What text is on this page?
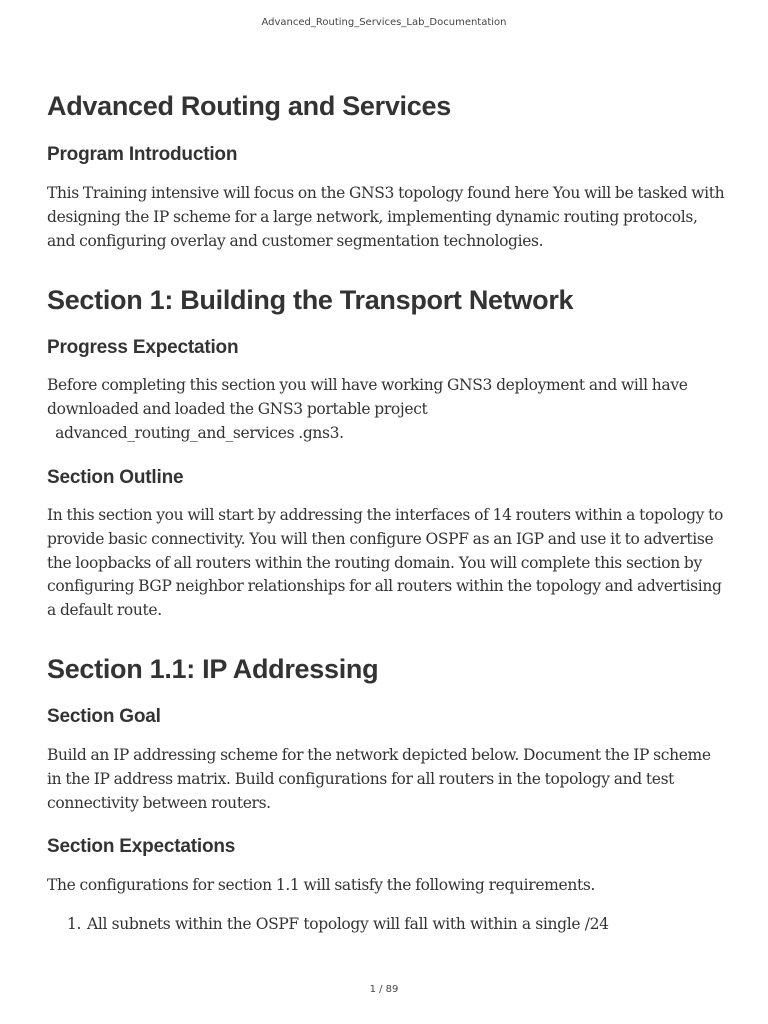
Advanced_Routing_Services_Lab_Documentation
Advanced Routing and Services
Program Introduction

This Training intensive will focus on the GNS3 topology found here You will be tasked with designing the IP scheme for a large network, implementing dynamic routing protocols, and configuring overlay and customer segmentation technologies.

Section 1: Building the Transport Network
Progress Expectation

Before completing this section you will have working GNS3 deployment and will have downloaded and loaded the GNS3 portable project   advanced_routing_and_services .gns3.

Section Outline

In this section you will start by addressing the interfaces of 14 routers within a topology to provide basic connectivity. You will then configure OSPF as an IGP and use it to advertise the loopbacks of all routers within the routing domain. You will complete this section by configuring BGP neighbor relationships for all routers within the topology and advertising a default route.

Section 1.1: IP Addressing
Section Goal

Build an IP addressing scheme for the network depicted below. Document the IP scheme in the IP address matrix. Build configurations for all routers in the topology and test connectivity between routers.

Section Expectations

The configurations for section 1.1 will satisfy the following requirements.

1. All subnets within the OSPF topology will fall with within a single /24
1 / 89
